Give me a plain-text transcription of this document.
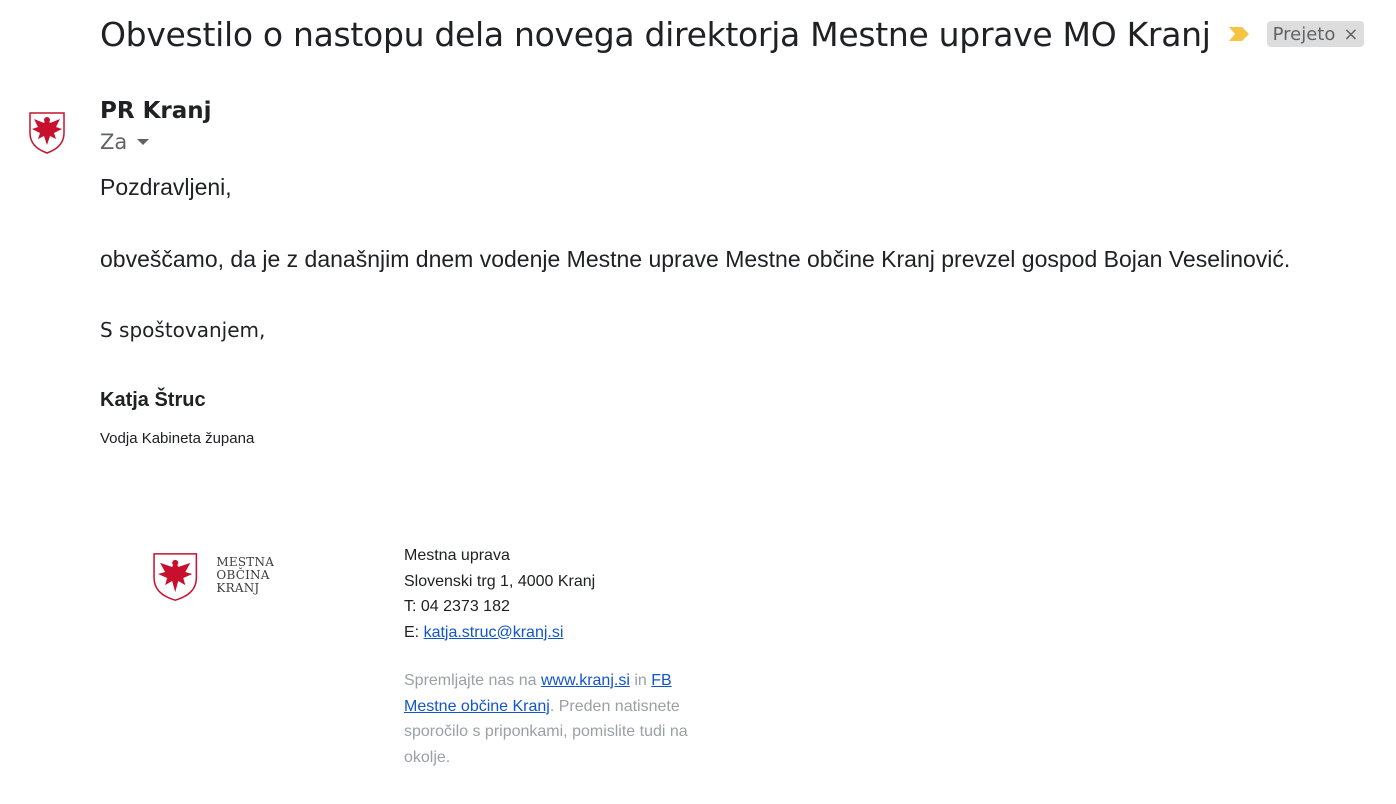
Obvestilo o nastopu dela novega direktorja Mestne uprave MO Kranj	Prejeto ×
PR Kranj
Za
Pozdravljeni,
obveščamo, da je z današnjim dnem vodenje Mestne uprave Mestne občine Kranj prevzel gospod Bojan Veselinović.
S spoštovanjem,
Katja Štruc
Vodja Kabineta župana
MESTNA OBČINA
KRANJ
Mestna uprava
Slovenski trg 1, 4000 Kranj
T: 04 2373 182
E: katja.struc@kranj.si
Spremljajte nas na www.kranj.si in FB Mestne občine Kranj. Preden natisnete sporočilo s priponkami, pomislite tudi na okolje.
